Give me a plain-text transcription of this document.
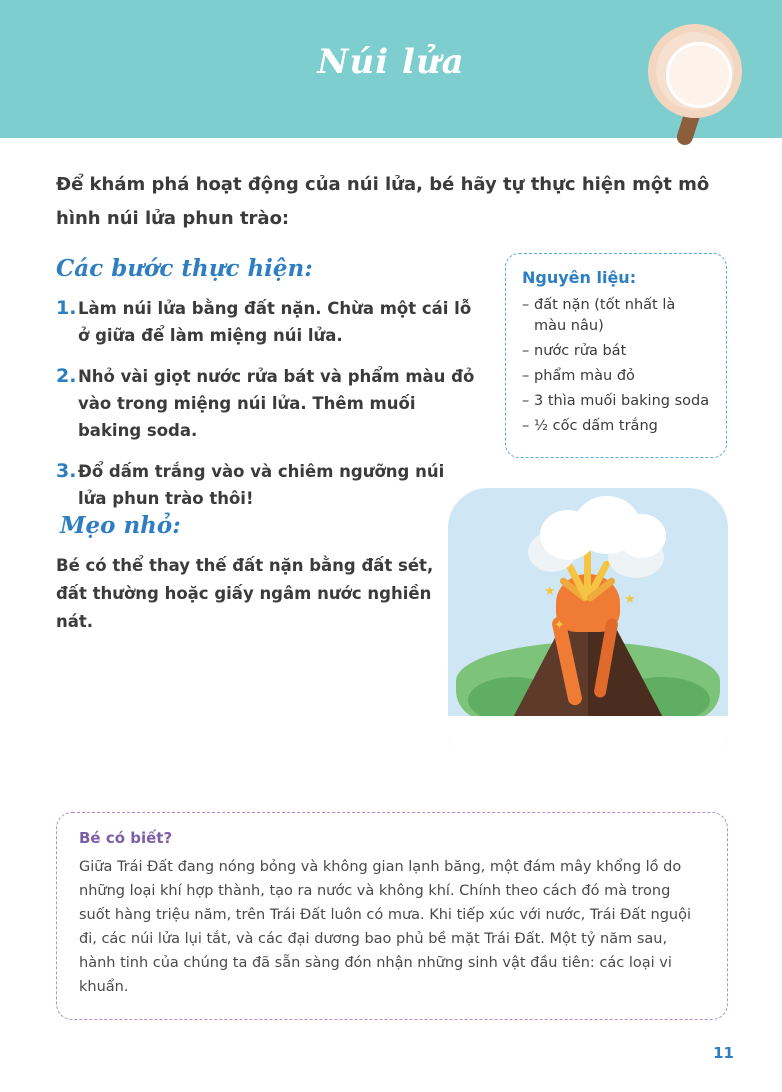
Núi lửa
Để khám phá hoạt động của núi lửa, bé hãy tự thực hiện một mô hình núi lửa phun trào:
Các bước thực hiện:
1. Làm núi lửa bằng đất nặn. Chừa một cái lỗ ở giữa để làm miệng núi lửa.
2. Nhỏ vài giọt nước rửa bát và phẩm màu đỏ vào trong miệng núi lửa. Thêm muối baking soda.
3. Đổ dấm trắng vào và chiêm ngưỡng núi lửa phun trào thôi!
Nguyên liệu:
– đất nặn (tốt nhất là màu nâu)
– nước rửa bát
– phẩm màu đỏ
– 3 thìa muối baking soda
– ½ cốc dấm trắng
Mẹo nhỏ:
Bé có thể thay thế đất nặn bằng đất sét, đất thường hoặc giấy ngâm nước nghiền nát.
★
★
✦
Bé có biết?
Giữa Trái Đất đang nóng bỏng và không gian lạnh băng, một đám mây khổng lồ do những loại khí hợp thành, tạo ra nước và không khí. Chính theo cách đó mà trong suốt hàng triệu năm, trên Trái Đất luôn có mưa. Khi tiếp xúc với nước, Trái Đất nguội đi, các núi lửa lụi tắt, và các đại dương bao phủ bề mặt Trái Đất. Một tỷ năm sau, hành tinh của chúng ta đã sẵn sàng đón nhận những sinh vật đầu tiên: các loại vi khuẩn.
11
